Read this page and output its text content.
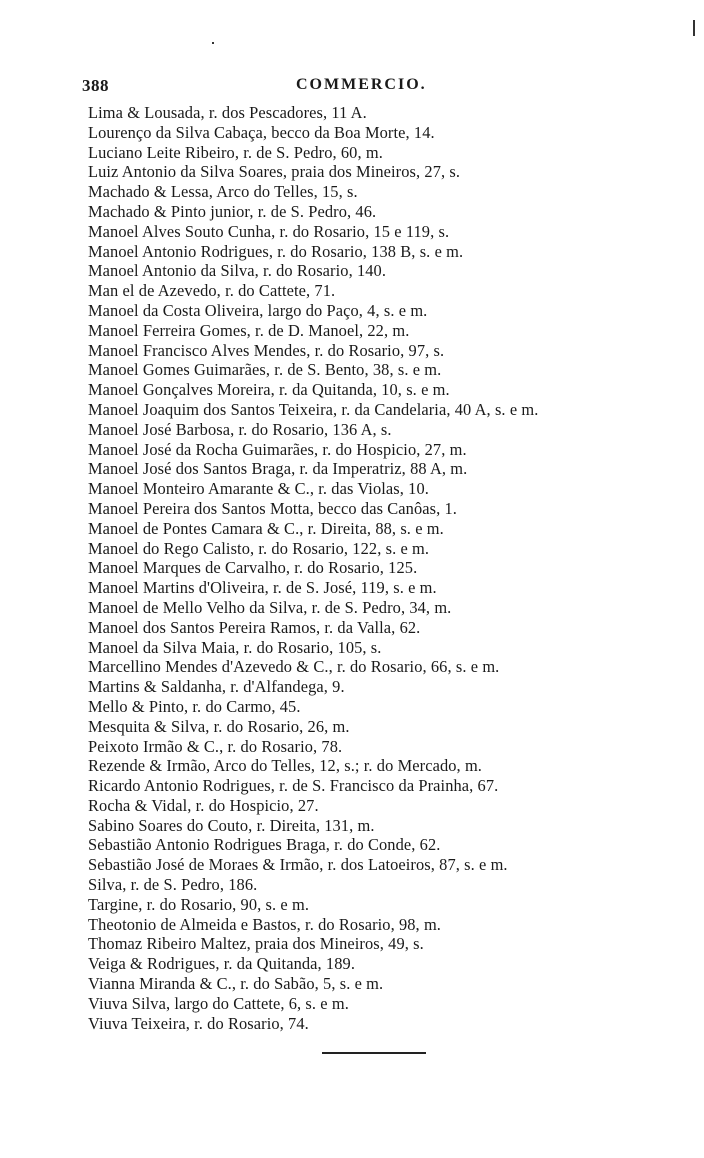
388	COMMERCIO.
Lima & Lousada, r. dos Pescadores, 11 A.
Lourenço da Silva Cabaça, becco da Boa Morte, 14.
Luciano Leite Ribeiro, r. de S. Pedro, 60, m.
Luiz Antonio da Silva Soares, praia dos Mineiros, 27, s.
Machado & Lessa, Arco do Telles, 15, s.
Machado & Pinto junior, r. de S. Pedro, 46.
Manoel Alves Souto Cunha, r. do Rosario, 15 e 119, s.
Manoel Antonio Rodrigues, r. do Rosario, 138 B, s. e m.
Manoel Antonio da Silva, r. do Rosario, 140.
Man el de Azevedo, r. do Cattete, 71.
Manoel da Costa Oliveira, largo do Paço, 4, s. e m.
Manoel Ferreira Gomes, r. de D. Manoel, 22, m.
Manoel Francisco Alves Mendes, r. do Rosario, 97, s.
Manoel Gomes Guimarães, r. de S. Bento, 38, s. e m.
Manoel Gonçalves Moreira, r. da Quitanda, 10, s. e m.
Manoel Joaquim dos Santos Teixeira, r. da Candelaria, 40 A, s. e m.
Manoel José Barbosa, r. do Rosario, 136 A, s.
Manoel José da Rocha Guimarães, r. do Hospicio, 27, m.
Manoel José dos Santos Braga, r. da Imperatriz, 88 A, m.
Manoel Monteiro Amarante & C., r. das Violas, 10.
Manoel Pereira dos Santos Motta, becco das Canôas, 1.
Manoel de Pontes Camara & C., r. Direita, 88, s. e m.
Manoel do Rego Calisto, r. do Rosario, 122, s. e m.
Manoel Marques de Carvalho, r. do Rosario, 125.
Manoel Martins d'Oliveira, r. de S. José, 119, s. e m.
Manoel de Mello Velho da Silva, r. de S. Pedro, 34, m.
Manoel dos Santos Pereira Ramos, r. da Valla, 62.
Manoel da Silva Maia, r. do Rosario, 105, s.
Marcellino Mendes d'Azevedo & C., r. do Rosario, 66, s. e m.
Martins & Saldanha, r. d'Alfandega, 9.
Mello & Pinto, r. do Carmo, 45.
Mesquita & Silva, r. do Rosario, 26, m.
Peixoto Irmão & C., r. do Rosario, 78.
Rezende & Irmão, Arco do Telles, 12, s.; r. do Mercado, m.
Ricardo Antonio Rodrigues, r. de S. Francisco da Prainha, 67.
Rocha & Vidal, r. do Hospicio, 27.
Sabino Soares do Couto, r. Direita, 131, m.
Sebastião Antonio Rodrigues Braga, r. do Conde, 62.
Sebastião José de Moraes & Irmão, r. dos Latoeiros, 87, s. e m.
Silva, r. de S. Pedro, 186.
Targine, r. do Rosario, 90, s. e m.
Theotonio de Almeida e Bastos, r. do Rosario, 98, m.
Thomaz Ribeiro Maltez, praia dos Mineiros, 49, s.
Veiga & Rodrigues, r. da Quitanda, 189.
Vianna Miranda & C., r. do Sabão, 5, s. e m.
Viuva Silva, largo do Cattete, 6, s. e m.
Viuva Teixeira, r. do Rosario, 74.
